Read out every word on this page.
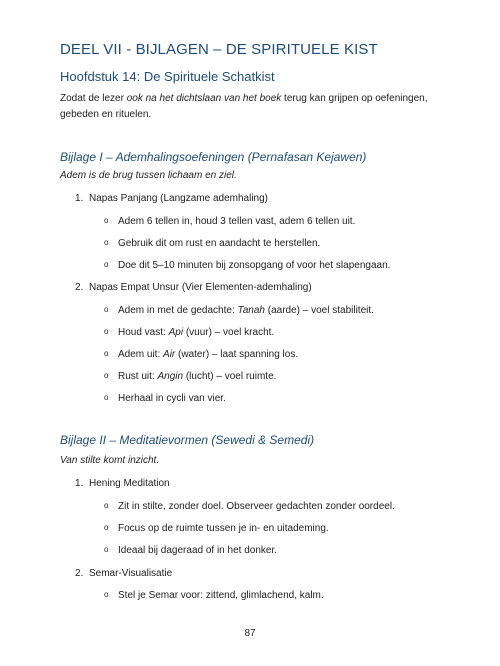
DEEL VII - BIJLAGEN – DE SPIRITUELE KIST
Hoofdstuk 14: De Spirituele Schatkist
Zodat de lezer ook na het dichtslaan van het boek terug kan grijpen op oefeningen, gebeden en rituelen.
Bijlage I – Ademhalingsoefeningen (Pernafasan Kejawen)
Adem is de brug tussen lichaam en ziel.
1. Napas Panjang (Langzame ademhaling)
o Adem 6 tellen in, houd 3 tellen vast, adem 6 tellen uit.
o Gebruik dit om rust en aandacht te herstellen.
o Doe dit 5–10 minuten bij zonsopgang of voor het slapengaan.
2. Napas Empat Unsur (Vier Elementen-ademhaling)
o Adem in met de gedachte: Tanah (aarde) – voel stabiliteit.
o Houd vast: Api (vuur) – voel kracht.
o Adem uit: Air (water) – laat spanning los.
o Rust uit: Angin (lucht) – voel ruimte.
o Herhaal in cycli van vier.
Bijlage II – Meditatievormen (Sewedi & Semedi)
Van stilte komt inzicht.
1. Hening Meditation
o Zit in stilte, zonder doel. Observeer gedachten zonder oordeel.
o Focus op de ruimte tussen je in- en uitademing.
o Ideaal bij dageraad of in het donker.
2. Semar-Visualisatie
o Stel je Semar voor: zittend, glimlachend, kalm.
87
